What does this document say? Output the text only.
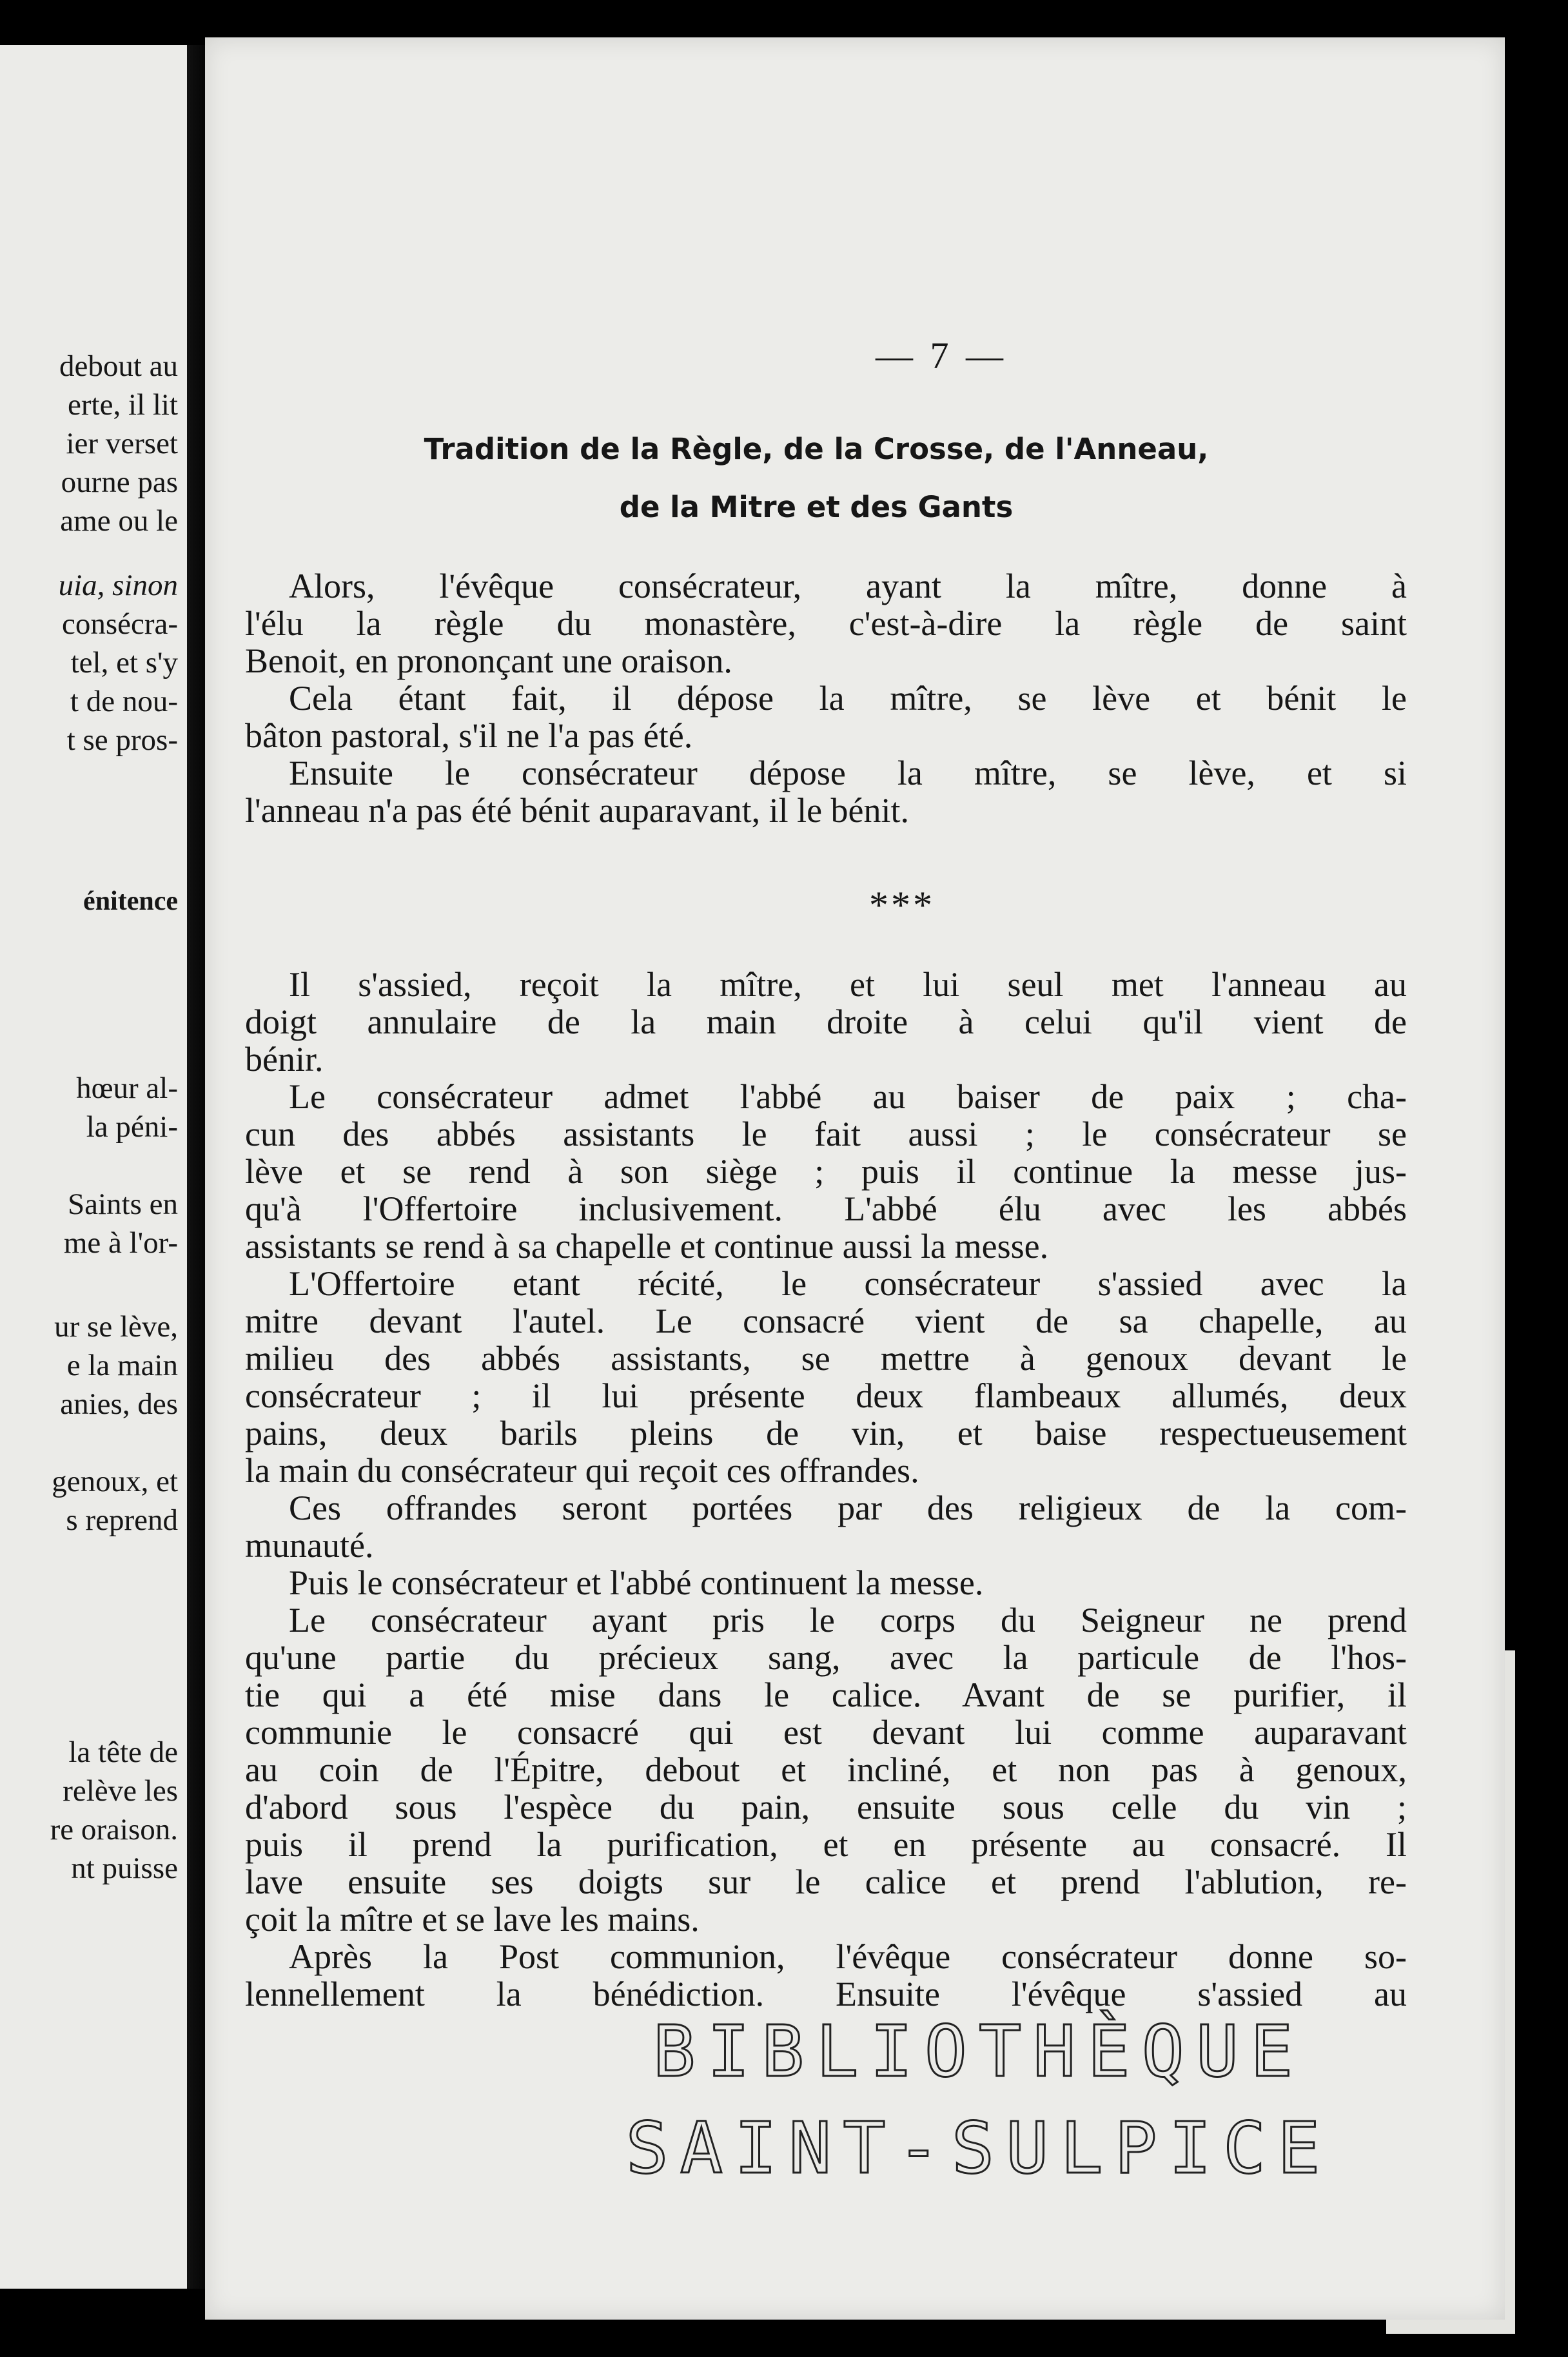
debout au
erte, il lit
ier verset
ourne pas
ame ou le
uia, sinon
consécra-
tel, et s'y
t de nou-
t se pros-
énitence
hœur al-
la péni-
Saints en
me à l'or-
ur se lève,
e la main
anies, des
genoux, et
s reprend
la tête de
relève les
re oraison.
nt puisse
— 7 —
Tradition de la Règle, de la Crosse, de l'Anneau,
de la Mitre et des Gants
Alors, l'évêque consécrateur, ayant la mître, donne à
l'élu la règle du monastère, c'est-à-dire la règle de saint
Benoit, en prononçant une oraison.
Cela étant fait, il dépose la mître, se lève et bénit le
bâton pastoral, s'il ne l'a pas été.
Ensuite le consécrateur dépose la mître, se lève, et si
l'anneau n'a pas été bénit auparavant, il le bénit.
***
Il s'assied, reçoit la mître, et lui seul met l'anneau au
doigt annulaire de la main droite à celui qu'il vient de
bénir.
Le consécrateur admet l'abbé au baiser de paix ; cha-
cun des abbés assistants le fait aussi ; le consécrateur se
lève et se rend à son siège ; puis il continue la messe jus-
qu'à l'Offertoire inclusivement. L'abbé élu avec les abbés
assistants se rend à sa chapelle et continue aussi la messe.
L'Offertoire etant récité, le consécrateur s'assied avec la
mitre devant l'autel. Le consacré vient de sa chapelle, au
milieu des abbés assistants, se mettre à genoux devant le
consécrateur ; il lui présente deux flambeaux allumés, deux
pains, deux barils pleins de vin, et baise respectueusement
la main du consécrateur qui reçoit ces offrandes.
Ces offrandes seront portées par des religieux de la com-
munauté.
Puis le consécrateur et l'abbé continuent la messe.
Le consécrateur ayant pris le corps du Seigneur ne prend
qu'une partie du précieux sang, avec la particule de l'hos-
tie qui a été mise dans le calice. Avant de se purifier, il
communie le consacré qui est devant lui comme auparavant
au coin de l'Épitre, debout et incliné, et non pas à genoux,
d'abord sous l'espèce du pain, ensuite sous celle du vin ;
puis il prend la purification, et en présente au consacré. Il
lave ensuite ses doigts sur le calice et prend l'ablution, re-
çoit la mître et se lave les mains.
Après la Post communion, l'évêque consécrateur donne so-
lennellement la bénédiction. Ensuite l'évêque s'assied au
BIBLIOTHÈQUE
SAINT-SULPICE
